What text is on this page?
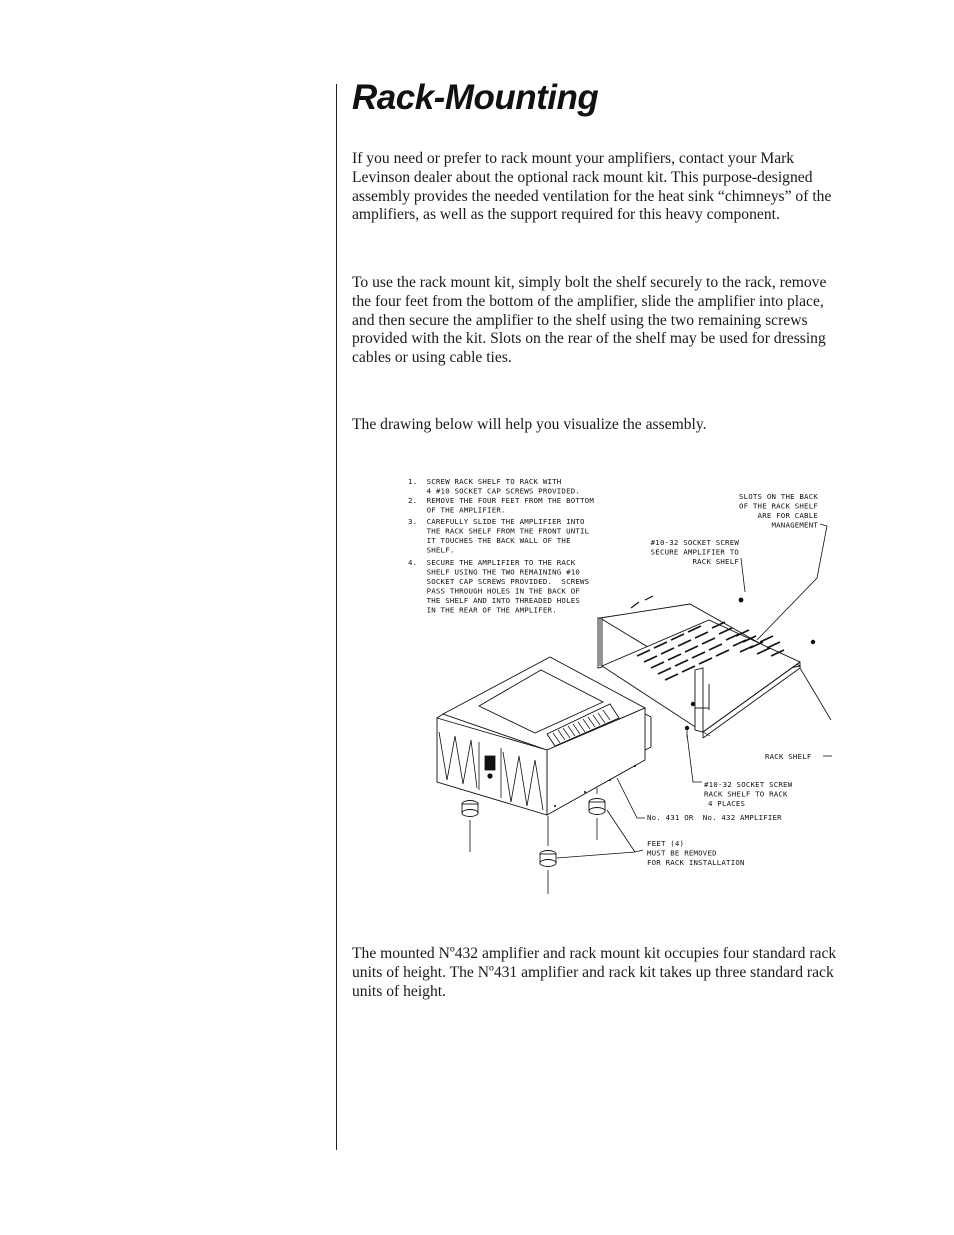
Rack-Mounting

If you need or prefer to rack mount your amplifiers, contact your Mark Levinson dealer about the optional rack mount kit. This purpose-designed assembly provides the needed ventilation for the heat sink “chimneys” of the amplifiers, as well as the support required for this heavy component.

To use the rack mount kit, simply bolt the shelf securely to the rack, remove the four feet from the bottom of the amplifier, slide the amplifier into place, and then secure the amplifier to the shelf using the two remaining screws provided with the kit. Slots on the rear of the shelf may be used for dressing cables or using cable ties.

The drawing below will help you visualize the assembly.

1.  SCREW RACK SHELF TO RACK WITH
4 #10 SOCKET CAP SCREWS PROVIDED.
2.  REMOVE THE FOUR FEET FROM THE BOTTOM
OF THE AMPLIFIER.
3.  CAREFULLY SLIDE THE AMPLIFIER INTO
THE RACK SHELF FROM THE FRONT UNTIL
IT TOUCHES THE BACK WALL OF THE
SHELF.
4.  SECURE THE AMPLIFIER TO THE RACK
SHELF USING THE TWO REMAINING #10
SOCKET CAP SCREWS PROVIDED.  SCREWS
PASS THROUGH HOLES IN THE BACK OF
THE SHELF AND INTO THREADED HOLES
IN THE REAR OF THE AMPLIFER.
SLOTS ON THE BACK
OF THE RACK SHELF
ARE FOR CABLE
MANAGEMENT
#10-32 SOCKET SCREW
SECURE AMPLIFIER TO
RACK SHELF
RACK SHELF
#10-32 SOCKET SCREW
RACK SHELF TO RACK
4 PLACES
No. 431 OR  No. 432 AMPLIFIER
FEET (4)
MUST BE REMOVED
FOR RACK INSTALLATION

The mounted Nº432 amplifier and rack mount kit occupies four standard rack units of height. The Nº431 amplifier and rack kit takes up three standard rack units of height.
